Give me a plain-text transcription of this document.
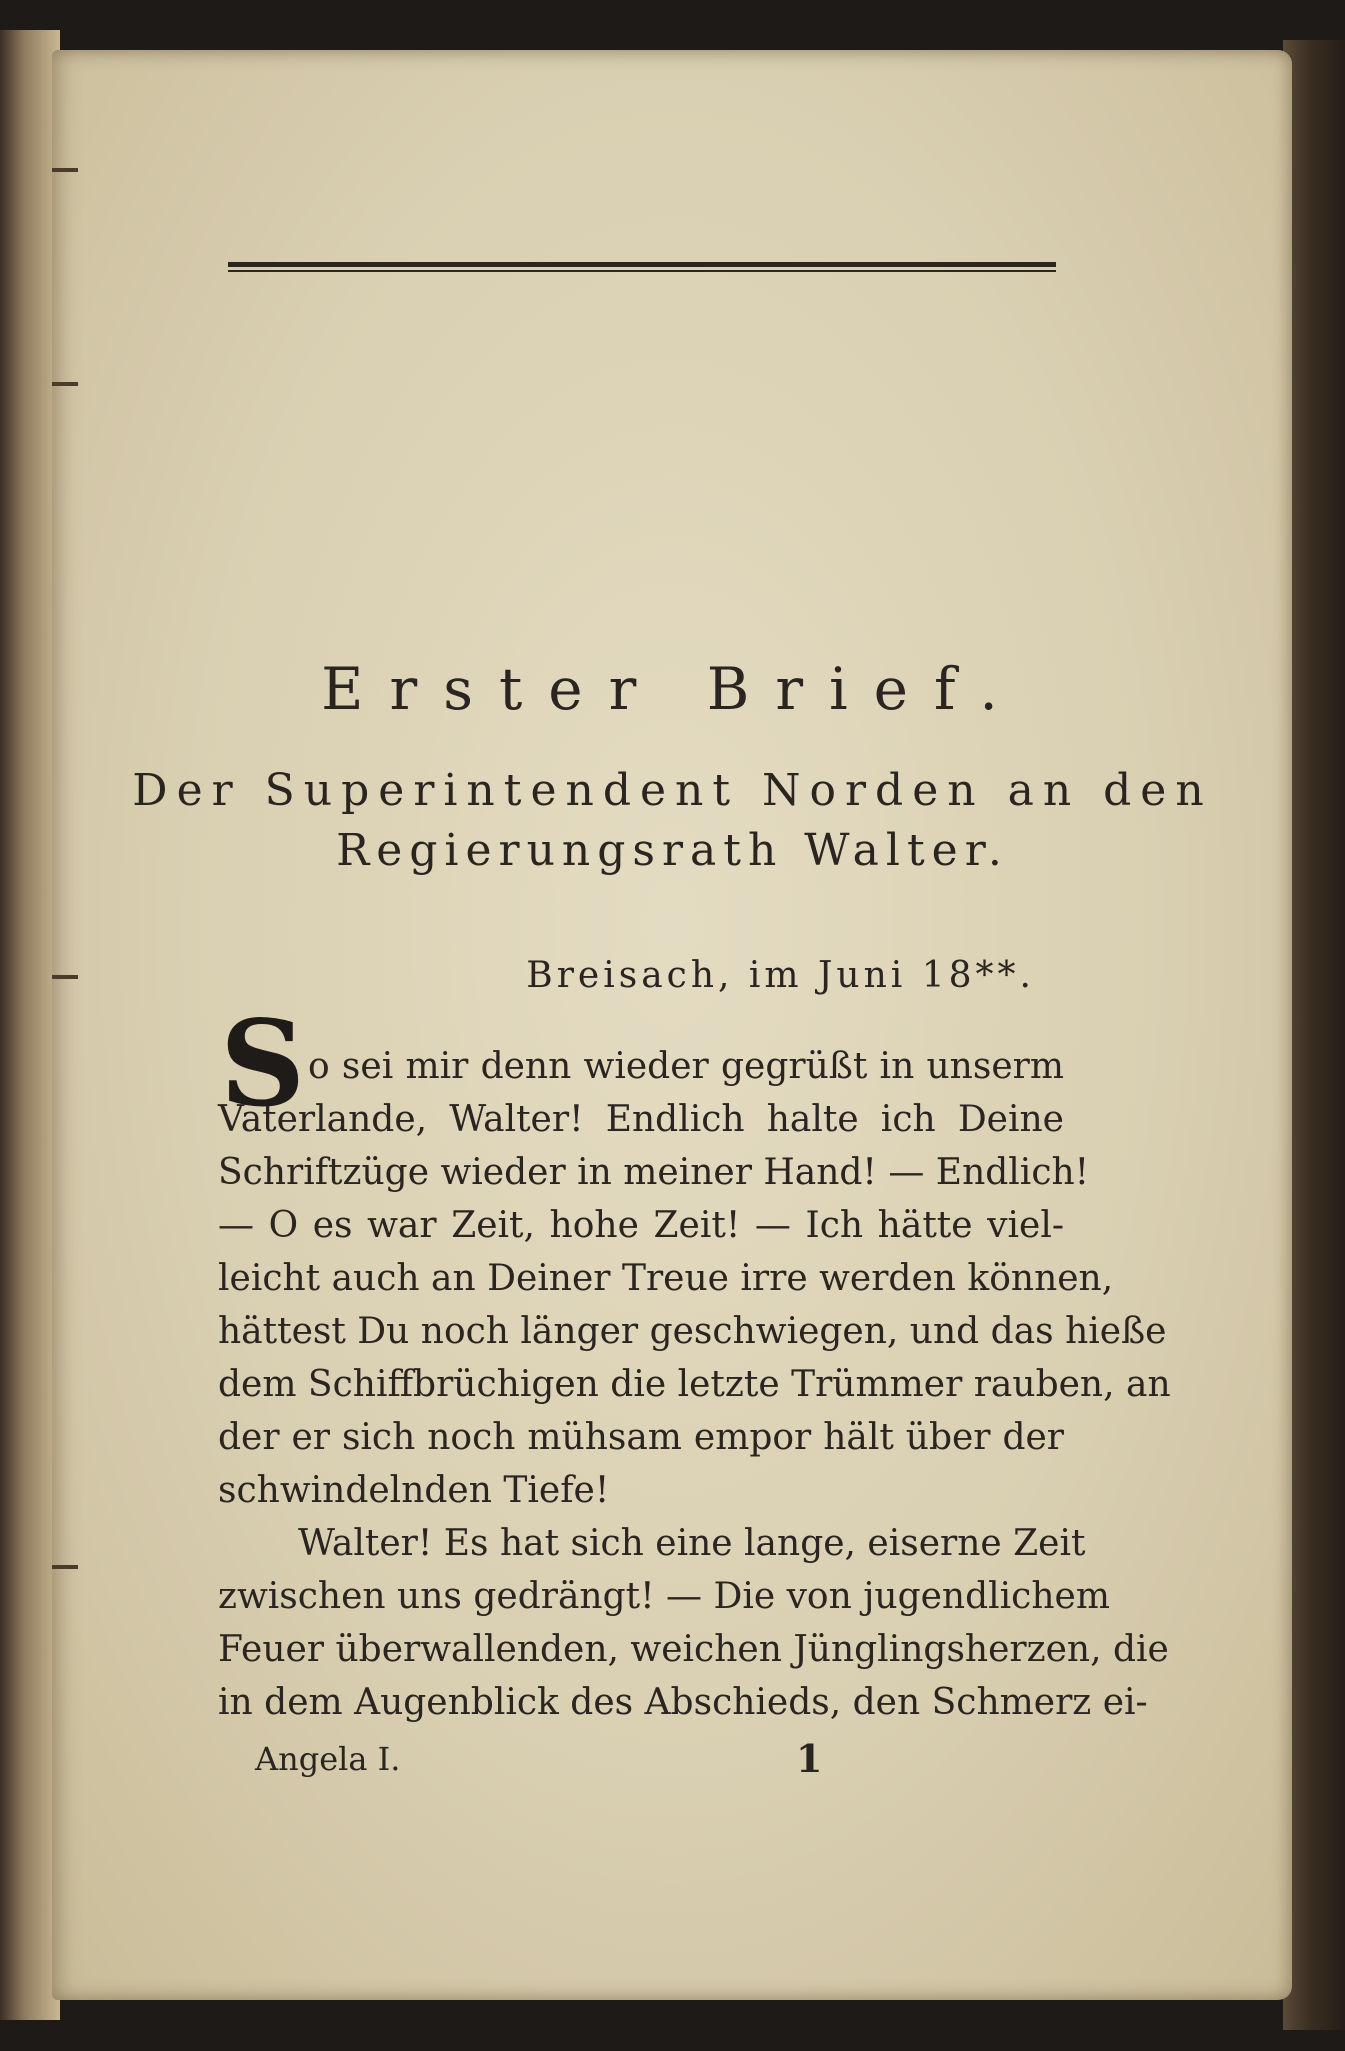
Erster Brief.
Der Superintendent Norden an den
Regierungsrath Walter.
Breisach, im Juni 18**.
S o sei mir denn wieder gegrüßt in unserm
Vaterlande, Walter! Endlich halte ich Deine
Schriftzüge wieder in meiner Hand! — Endlich!
— O es war Zeit, hohe Zeit! — Ich hätte viel-
leicht auch an Deiner Treue irre werden können,
hättest Du noch länger geschwiegen, und das hieße
dem Schiffbrüchigen die letzte Trümmer rauben, an
der er sich noch mühsam empor hält über der
schwindelnden Tiefe!
Walter! Es hat sich eine lange, eiserne Zeit
zwischen uns gedrängt! — Die von jugendlichem
Feuer überwallenden, weichen Jünglingsherzen, die
in dem Augenblick des Abschieds, den Schmerz ei-
Angela I.	1
